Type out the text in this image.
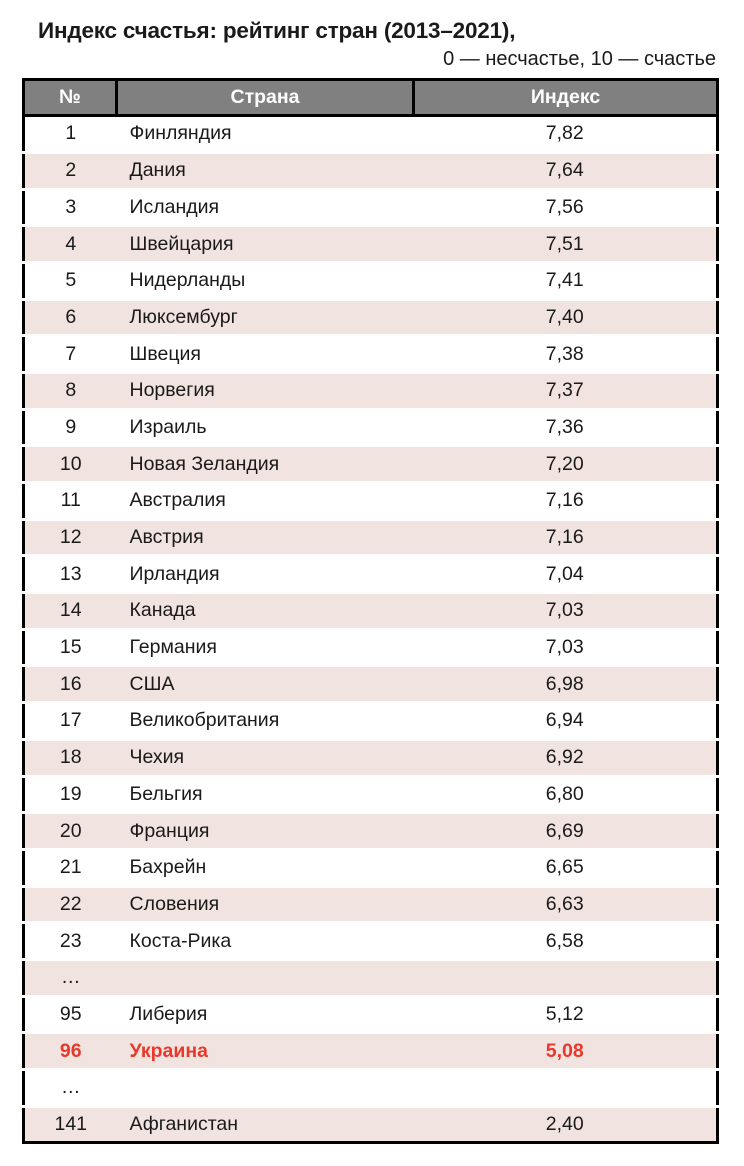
Индекс счастья: рейтинг стран (2013–2021),
0 — несчастье, 10 — счастье
№	Страна	Индекс
1	Финляндия	7,82
2	Дания	7,64
3	Исландия	7,56
4	Швейцария	7,51
5	Нидерланды	7,41
6	Люксембург	7,40
7	Швеция	7,38
8	Норвегия	7,37
9	Израиль	7,36
10	Новая Зеландия	7,20
11	Австралия	7,16
12	Австрия	7,16
13	Ирландия	7,04
14	Канада	7,03
15	Германия	7,03
16	США	6,98
17	Великобритания	6,94
18	Чехия	6,92
19	Бельгия	6,80
20	Франция	6,69
21	Бахрейн	6,65
22	Словения	6,63
23	Коста-Рика	6,58
…		
95	Либерия	5,12
96	Украина	5,08
…		
141	Афганистан	2,40
